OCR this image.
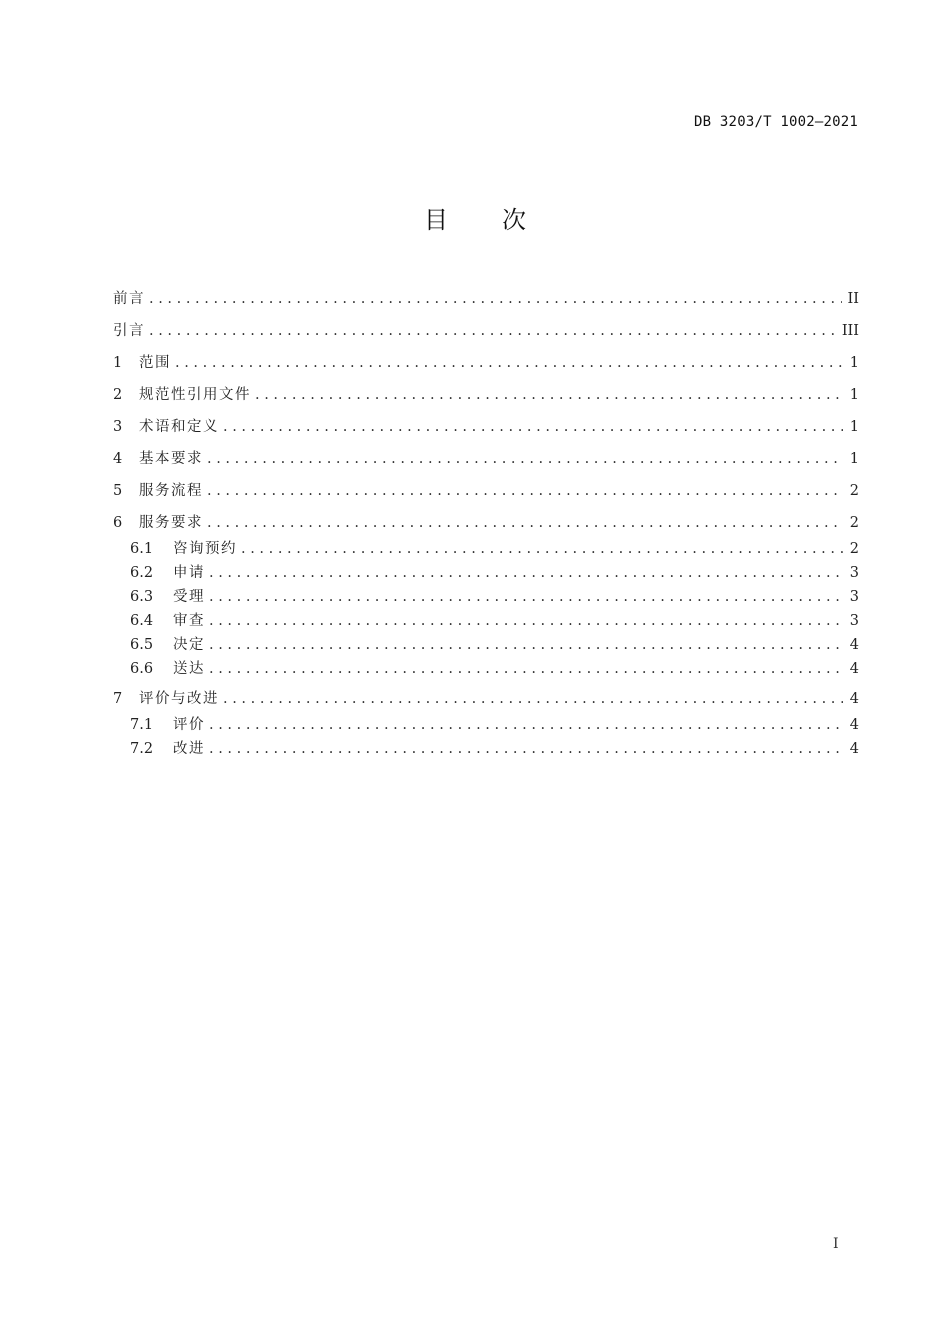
DB 3203/T 1002—2021
目 次
前言 .....	II
引言 .....	III
1	范围 .....	1
2	规范性引用文件 .....	1
3	术语和定义 .....	1
4	基本要求 .....	1
5	服务流程 .....	2
6	服务要求 .....	2
6.1	咨询预约 .....	2
6.2	申请 .....	3
6.3	受理 .....	3
6.4	审查 .....	3
6.5	决定 .....	4
6.6	送达 .....	4
7	评价与改进 .....	4
7.1	评价 .....	4
7.2	改进 .....	4
I
